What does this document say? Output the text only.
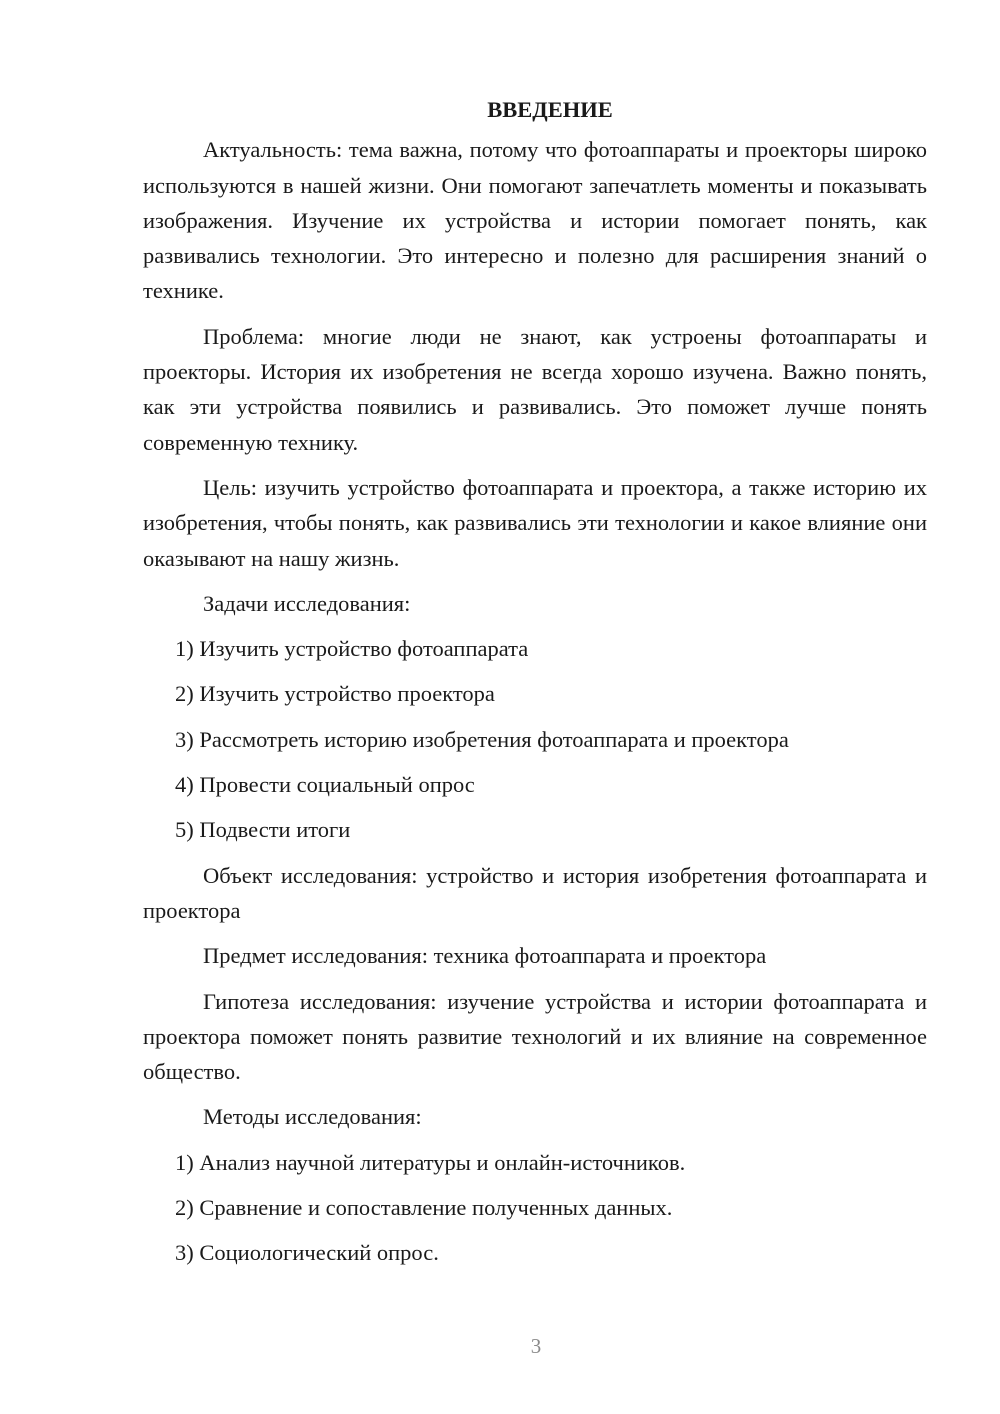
ВВЕДЕНИЕ

Актуальность: тема важна, потому что фотоаппараты и проекторы широко используются в нашей жизни. Они помогают запечатлеть моменты и показывать изображения. Изучение их устройства и истории помогает понять, как развивались технологии. Это интересно и полезно для расширения знаний о технике.

Проблема: многие люди не знают, как устроены фотоаппараты и проекторы. История их изобретения не всегда хорошо изучена. Важно понять, как эти устройства появились и развивались. Это поможет лучше понять современную технику.

Цель: изучить устройство фотоаппарата и проектора, а также историю их изобретения, чтобы понять, как развивались эти технологии и какое влияние они оказывают на нашу жизнь.

Задачи исследования:

1) Изучить устройство фотоаппарата
2) Изучить устройство проектора
3) Рассмотреть историю изобретения фотоаппарата и проектора
4) Провести социальный опрос
5) Подвести итоги

Объект исследования: устройство и история изобретения фотоаппарата и проектора

Предмет исследования: техника фотоаппарата и проектора

Гипотеза исследования: изучение устройства и истории фотоаппарата и проектора поможет понять развитие технологий и их влияние на современное общество.

Методы исследования:

1) Анализ научной литературы и онлайн-источников.
2) Сравнение и сопоставление полученных данных.
3) Социологический опрос.
3
